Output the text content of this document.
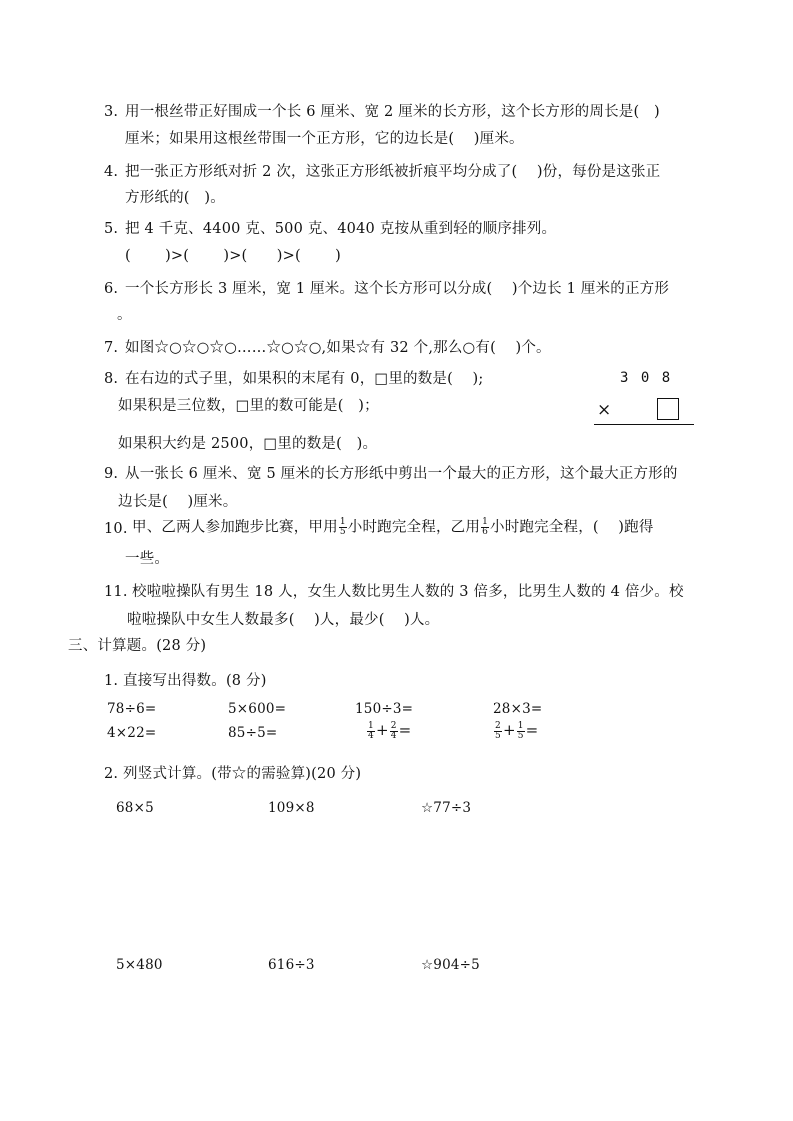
3. 用一根丝带正好围成一个长 6 厘米、宽 2 厘米的长方形，这个长方形的周长是(　)
厘米；如果用这根丝带围一个正方形，它的边长是(　 )厘米。
4. 把一张正方形纸对折 2 次，这张正方形纸被折痕平均分成了(　 )份，每份是这张正
方形纸的(　)。
5. 把 4 千克、4400 克、500 克、4040 克按从重到轻的顺序排列。
(　　 )>(　　 )>(　　)>(　　 )
6. 一个长方形长 3 厘米，宽 1 厘米。这个长方形可以分成(　 )个边长 1 厘米的正方形
。
7. 如图☆○☆○☆○……☆○☆○,如果☆有 32 个,那么○有(　 )个。
8. 在右边的式子里，如果积的末尾有 0，□里的数是(　 );
如果积是三位数，□里的数可能是(　)；
如果积大约是 2500，□里的数是(　)。
3 0 8
×
9. 从一张长 6 厘米、宽 5 厘米的长方形纸中剪出一个最大的正方形，这个最大正方形的
边长是(　 )厘米。
10. 甲、乙两人参加跑步比赛，甲用 $\frac{1}{5}$ 小时跑完全程，乙用 $\frac{1}{6}$ 小时跑完全程，(　 )跑得
一些。
11. 校啦啦操队有男生 18 人，女生人数比男生人数的 3 倍多，比男生人数的 4 倍少。校
啦啦操队中女生人数最多(　 )人，最少(　 )人。
三、计算题。(28 分)
1. 直接写出得数。(8 分)
78÷6=	5×600=	150÷3=	28×3=
4×22=	85÷5=	$\frac{1}{4} + \frac{2}{4}$ =	$\frac{2}{5} + \frac{1}{5}$ =
2. 列竖式计算。(带☆的需验算)(20 分)
68×5	109×8	☆77÷3
5×480	616÷3	☆904÷5
